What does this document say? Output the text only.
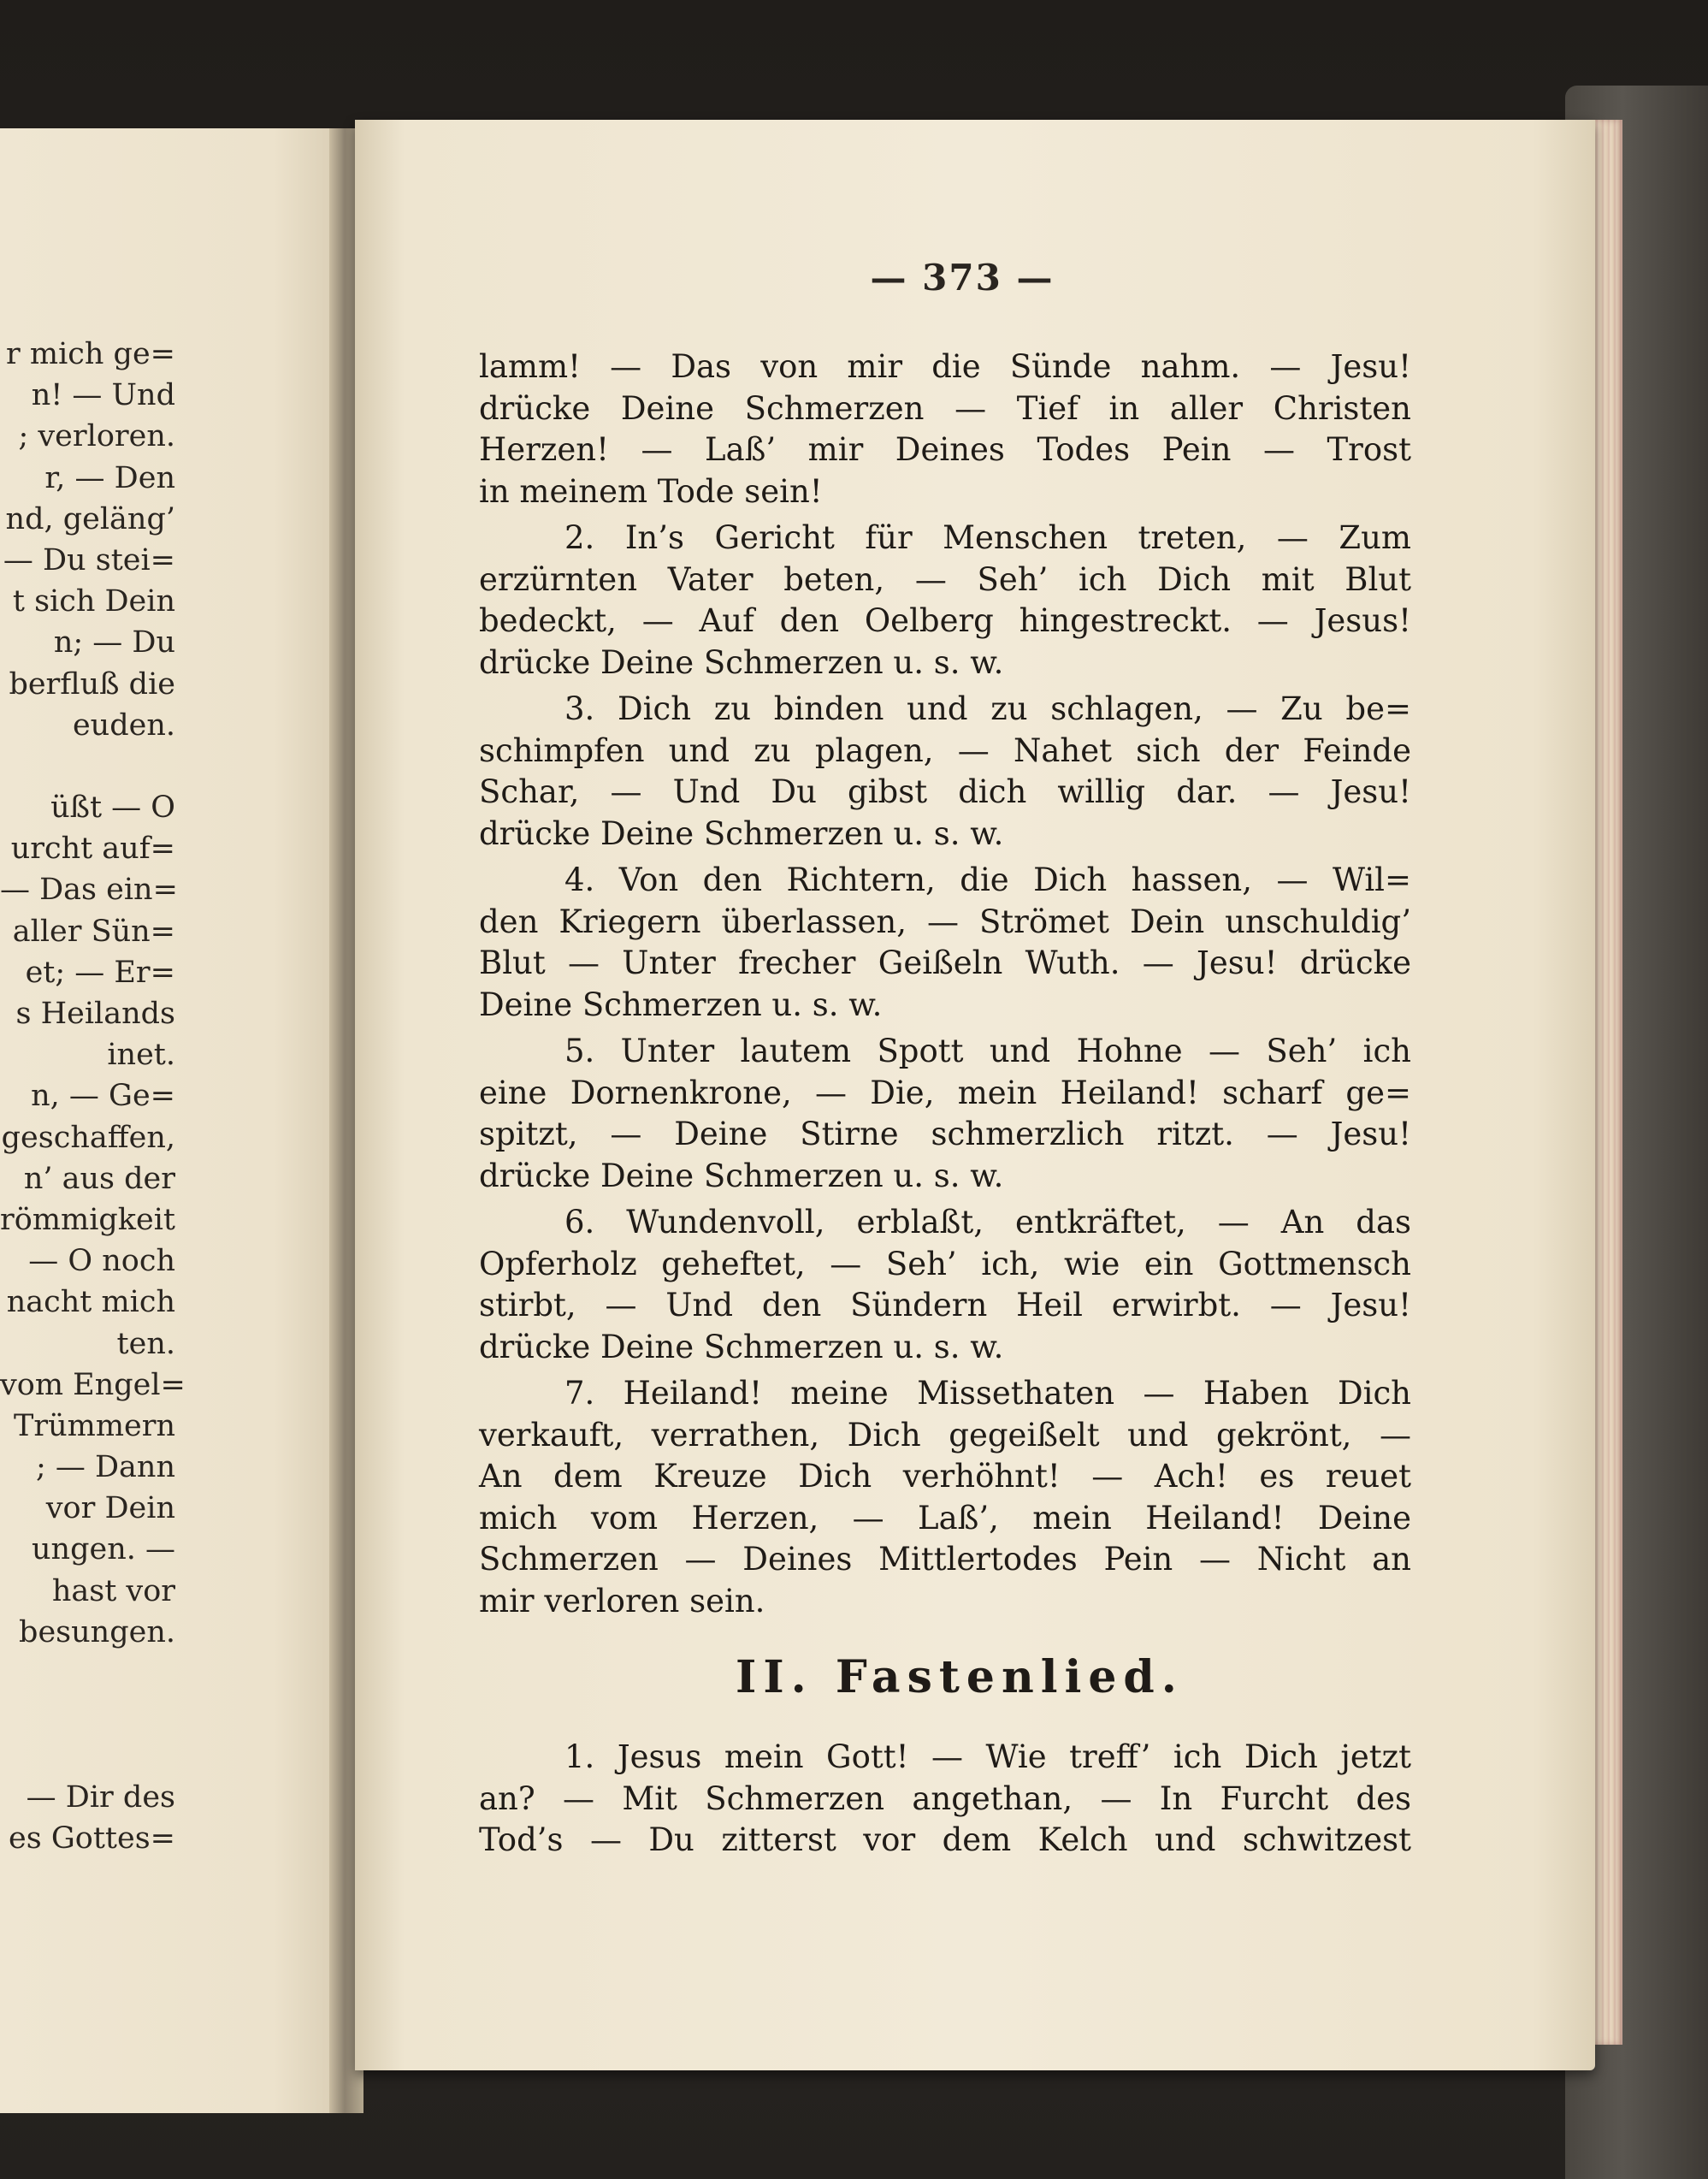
r mich ge=
n! — Und
; verloren.
r, — Den
nd, geläng’
— Du stei=
t sich Dein
n; — Du
berfluß die
euden.
üßt — O
urcht auf=
— Das ein=
aller Sün=
et; — Er=
s Heilands
inet.
n, — Ge=
geschaffen,
n’ aus der
römmigkeit
— O noch
nacht mich
ten.
vom Engel=
Trümmern
; — Dann
vor Dein
ungen. —
hast vor
besungen.
— Dir des
es Gottes=
— 373 —
lamm! — Das von mir die Sünde nahm. — Jesu!
drücke Deine Schmerzen — Tief in aller Christen
Herzen! — Laß’ mir Deines Todes Pein — Trost
in meinem Tode sein!
2. In’s Gericht für Menschen treten, — Zum
erzürnten Vater beten, — Seh’ ich Dich mit Blut
bedeckt, — Auf den Oelberg hingestreckt. — Jesus!
drücke Deine Schmerzen u. s. w.
3. Dich zu binden und zu schlagen, — Zu be=
schimpfen und zu plagen, — Nahet sich der Feinde
Schar, — Und Du gibst dich willig dar. — Jesu!
drücke Deine Schmerzen u. s. w.
4. Von den Richtern, die Dich hassen, — Wil=
den Kriegern überlassen, — Strömet Dein unschuldig’
Blut — Unter frecher Geißeln Wuth. — Jesu! drücke
Deine Schmerzen u. s. w.
5. Unter lautem Spott und Hohne — Seh’ ich
eine Dornenkrone, — Die, mein Heiland! scharf ge=
spitzt, — Deine Stirne schmerzlich ritzt. — Jesu!
drücke Deine Schmerzen u. s. w.
6. Wundenvoll, erblaßt, entkräftet, — An das
Opferholz geheftet, — Seh’ ich, wie ein Gottmensch
stirbt, — Und den Sündern Heil erwirbt. — Jesu!
drücke Deine Schmerzen u. s. w.
7. Heiland! meine Missethaten — Haben Dich
verkauft, verrathen, Dich gegeißelt und gekrönt, —
An dem Kreuze Dich verhöhnt! — Ach! es reuet
mich vom Herzen, — Laß’, mein Heiland! Deine
Schmerzen — Deines Mittlertodes Pein — Nicht an
mir verloren sein.
II. Fastenlied.
1. Jesus mein Gott! — Wie treff’ ich Dich jetzt
an? — Mit Schmerzen angethan, — In Furcht des
Tod’s — Du zitterst vor dem Kelch und schwitzest
